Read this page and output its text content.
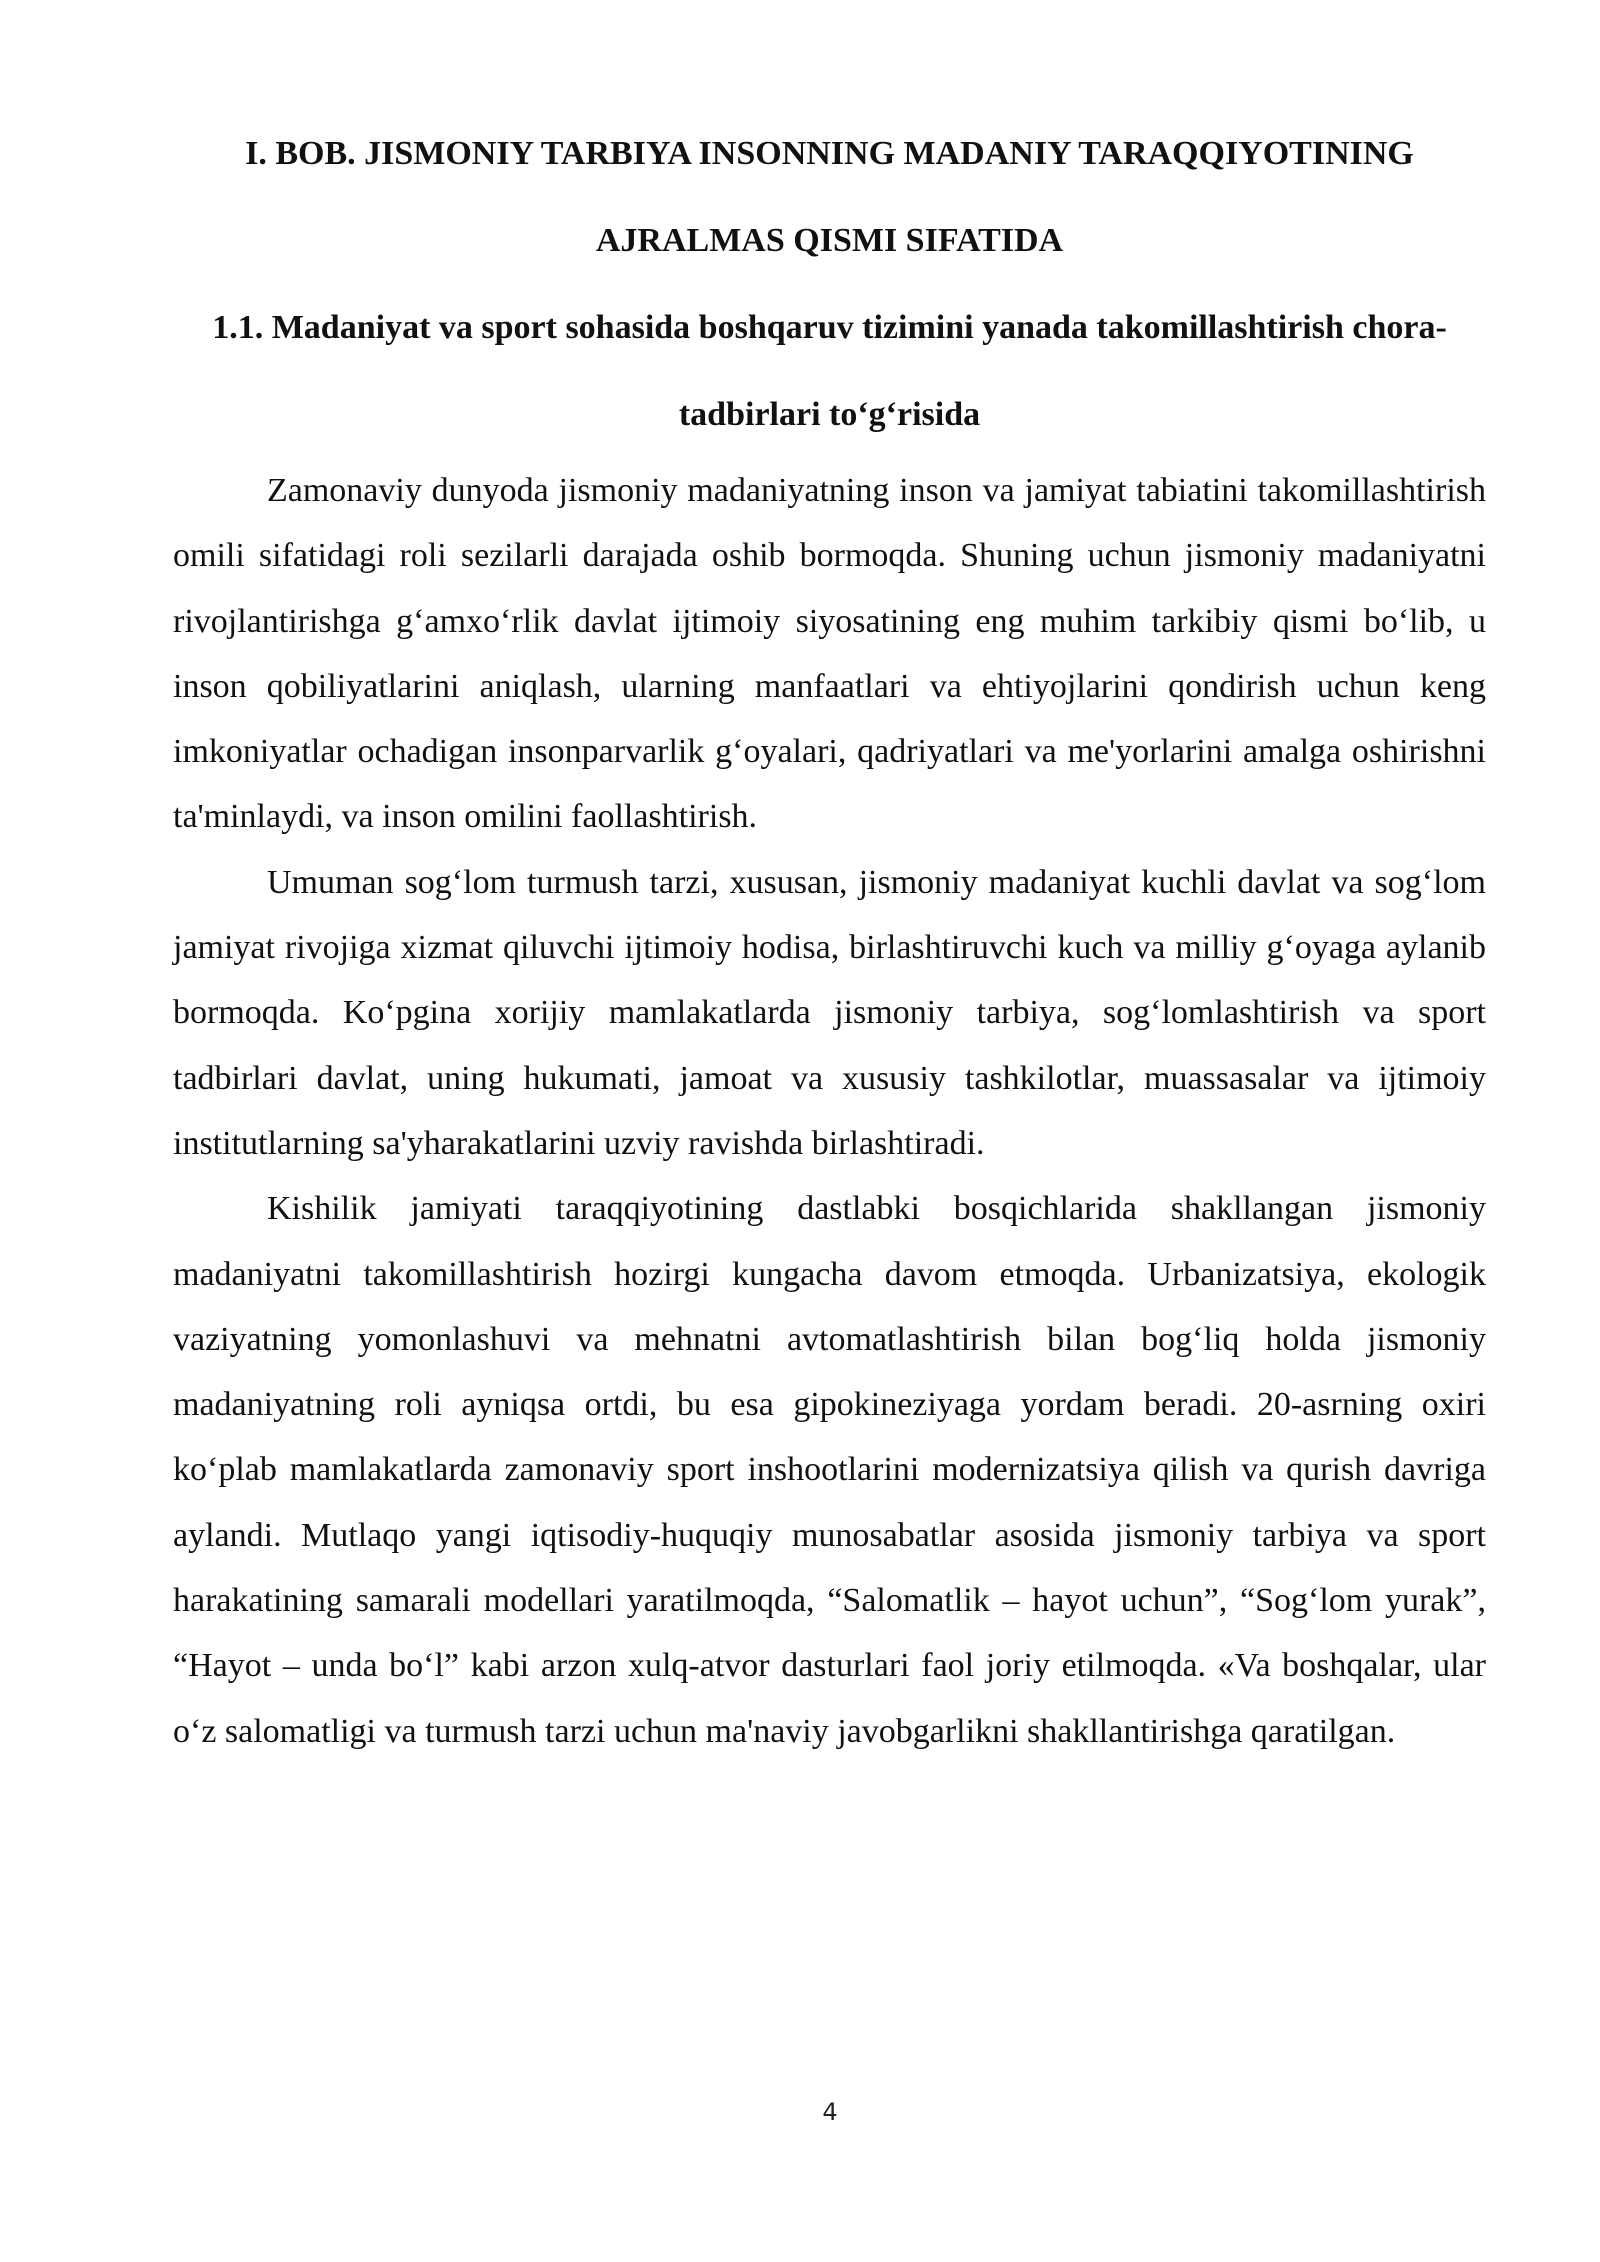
I. BOB. JISMONIY TARBIYA INSONNING MADANIY TARAQQIYOTINING AJRALMAS QISMI SIFATIDA
1.1. Madaniyat va sport sohasida boshqaruv tizimini yanada takomillashtirish chora-tadbirlari to‘g‘risida

Zamonaviy dunyoda jismoniy madaniyatning inson va jamiyat tabiatini takomillashtirish omili sifatidagi roli sezilarli darajada oshib bormoqda. Shuning uchun jismoniy madaniyatni rivojlantirishga g‘amxo‘rlik davlat ijtimoiy siyosatining eng muhim tarkibiy qismi bo‘lib, u inson qobiliyatlarini aniqlash, ularning manfaatlari va ehtiyojlarini qondirish uchun keng imkoniyatlar ochadigan insonparvarlik g‘oyalari, qadriyatlari va me'yorlarini amalga oshirishni ta'minlaydi, va inson omilini faollashtirish.

Umuman sog‘lom turmush tarzi, xususan, jismoniy madaniyat kuchli davlat va sog‘lom jamiyat rivojiga xizmat qiluvchi ijtimoiy hodisa, birlashtiruvchi kuch va milliy g‘oyaga aylanib bormoqda. Ko‘pgina xorijiy mamlakatlarda jismoniy tarbiya, sog‘lomlashtirish va sport tadbirlari davlat, uning hukumati, jamoat va xususiy tashkilotlar, muassasalar va ijtimoiy institutlarning sa'yharakatlarini uzviy ravishda birlashtiradi.

Kishilik jamiyati taraqqiyotining dastlabki bosqichlarida shakllangan jismoniy madaniyatni takomillashtirish hozirgi kungacha davom etmoqda. Urbanizatsiya, ekologik vaziyatning yomonlashuvi va mehnatni avtomatlashtirish bilan bog‘liq holda jismoniy madaniyatning roli ayniqsa ortdi, bu esa gipokineziyaga yordam beradi. 20-asrning oxiri ko‘plab mamlakatlarda zamonaviy sport inshootlarini modernizatsiya qilish va qurish davriga aylandi. Mutlaqo yangi iqtisodiy-huquqiy munosabatlar asosida jismoniy tarbiya va sport harakatining samarali modellari yaratilmoqda, “Salomatlik – hayot uchun”, “Sog‘lom yurak”, “Hayot – unda bo‘l” kabi arzon xulq-atvor dasturlari faol joriy etilmoqda. «Va boshqalar, ular o‘z salomatligi va turmush tarzi uchun ma'naviy javobgarlikni shakllantirishga qaratilgan.

4
